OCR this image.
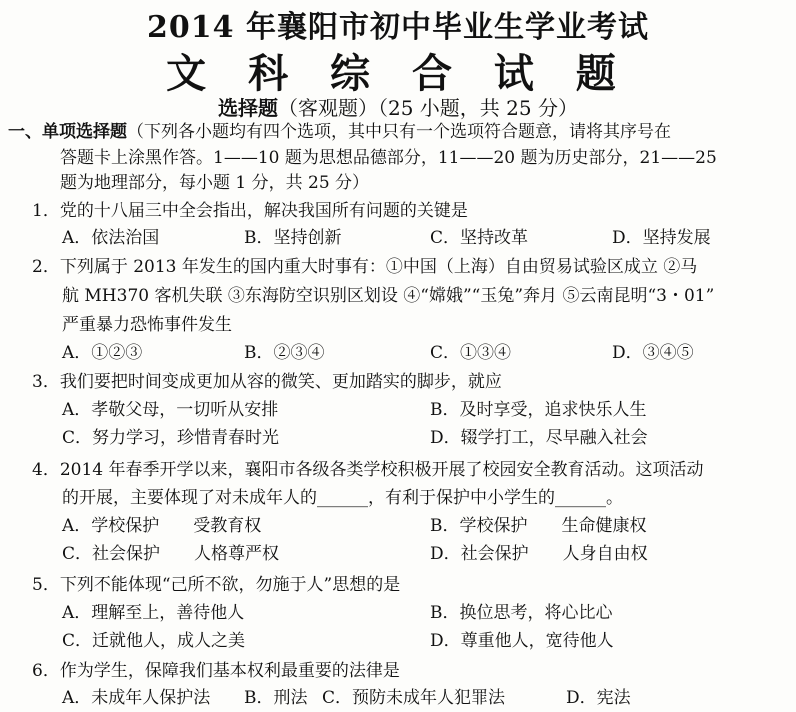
2014 年襄阳市初中毕业生学业考试
文 科 综 合 试 题
选择题（客观题）（25 小题，共 25 分）
一、单项选择题（下列各小题均有四个选项，其中只有一个选项符合题意，请将其序号在
答题卡上涂黑作答。1——10 题为思想品德部分，11——20 题为历史部分，21——25
题为地理部分，每小题 1 分，共 25 分）
1．党的十八届三中全会指出，解决我国所有问题的关键是
A．依法治国	B．坚持创新	C．坚持改革	D．坚持发展
2．下列属于 2013 年发生的国内重大时事有：①中国（上海）自由贸易试验区成立 ②马
航 MH370 客机失联 ③东海防空识别区划设 ④“嫦娥”“玉兔”奔月 ⑤云南昆明“3・01”
严重暴力恐怖事件发生
A．①②③	B．②③④	C．①③④	D．③④⑤
3．我们要把时间变成更加从容的微笑、更加踏实的脚步，就应
A．孝敬父母，一切听从安排	B．及时享受，追求快乐人生
C．努力学习，珍惜青春时光	D．辍学打工，尽早融入社会
4．2014 年春季开学以来，襄阳市各级各类学校积极开展了校园安全教育活动。这项活动
的开展，主要体现了对未成年人的______，有利于保护中小学生的______。
A．学校保护　　受教育权	B．学校保护　　生命健康权
C．社会保护　　人格尊严权	D．社会保护　　人身自由权
5．下列不能体现“己所不欲，勿施于人”思想的是
A．理解至上，善待他人	B．换位思考，将心比心
C．迁就他人，成人之美	D．尊重他人，宽待他人
6．作为学生，保障我们基本权利最重要的法律是
A．未成年人保护法 B．刑法 C．预防未成年人犯罪法	D．宪法
